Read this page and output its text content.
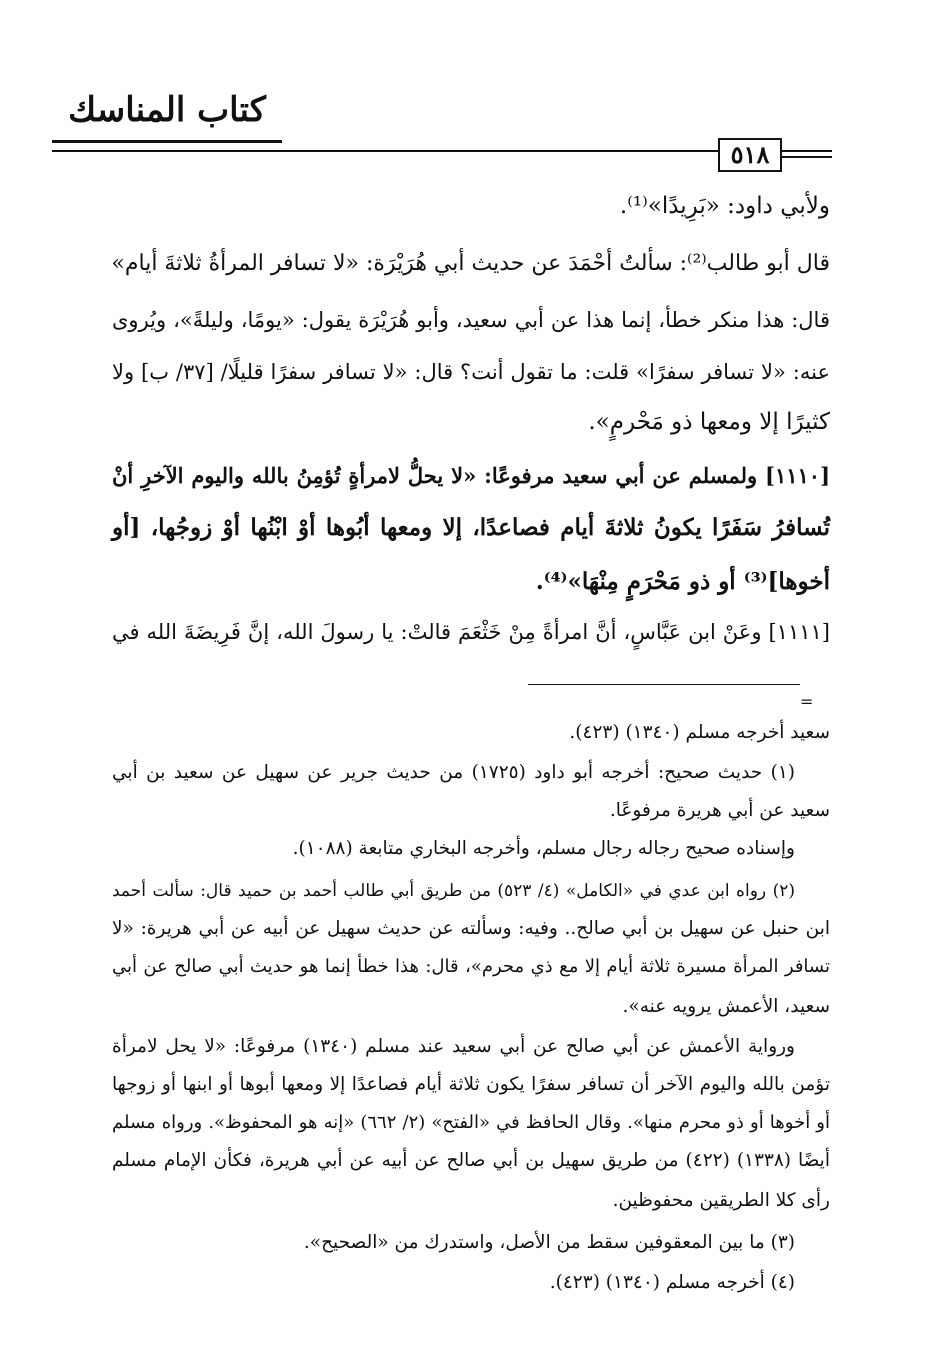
كتاب المناسك
٥١٨
ولأبي داود: «بَرِيدًا»⁽¹⁾.
قال أبو طالب⁽²⁾: سألتُ أحْمَدَ عن حديث أبي هُرَيْرَة: «لا تسافر المرأةُ ثلاثةَ أيام»
قال: هذا منكر خطأ، إنما هذا عن أبي سعيد، وأبو هُرَيْرَة يقول: «يومًا، وليلةً»، ويُروى
عنه: «لا تسافر سفرًا» قلت: ما تقول أنت؟ قال: «لا تسافر سفرًا قليلًا/ [٣٧/ ب] ولا
كثيرًا إلا ومعها ذو مَحْرمٍ».
[١١١٠] ولمسلم عن أبي سعيد مرفوعًا: «لا يحلُّ لامرأةٍ تُؤمِنُ بالله واليوم الآخرِ أنْ
تُسافرُ سَفَرًا يكونُ ثلاثةَ أيام فصاعدًا، إلا ومعها أبُوها أوْ ابْنُها أوْ زوجُها، [أو
أخوها]⁽³⁾ أو ذو مَحْرَمٍ مِنْهَا»⁽⁴⁾.
[١١١١] وعَنْ ابن عَبَّاسٍ، أنَّ امرأةً مِنْ خَثْعَمَ قالتْ: يا رسولَ الله، إنَّ فَرِيضَةَ الله في
=
سعيد أخرجه مسلم (١٣٤٠) (٤٢٣).
(١) حديث صحيح: أخرجه أبو داود (١٧٢٥) من حديث جرير عن سهيل عن سعيد بن أبي
سعيد عن أبي هريرة مرفوعًا.
وإسناده صحيح رجاله رجال مسلم، وأخرجه البخاري متابعة (١٠٨٨).
(٢) رواه ابن عدي في «الكامل» (٤/ ٥٢٣) من طريق أبي طالب أحمد بن حميد قال: سألت أحمد
ابن حنبل عن سهيل بن أبي صالح.. وفيه: وسألته عن حديث سهيل عن أبيه عن أبي هريرة: «لا
تسافر المرأة مسيرة ثلاثة أيام إلا مع ذي محرم»، قال: هذا خطأ إنما هو حديث أبي صالح عن أبي
سعيد، الأعمش يرويه عنه».
ورواية الأعمش عن أبي صالح عن أبي سعيد عند مسلم (١٣٤٠) مرفوعًا: «لا يحل لامرأة
تؤمن بالله واليوم الآخر أن تسافر سفرًا يكون ثلاثة أيام فصاعدًا إلا ومعها أبوها أو ابنها أو زوجها
أو أخوها أو ذو محرم منها». وقال الحافظ في «الفتح» (٢/ ٦٦٢) «إنه هو المحفوظ». ورواه مسلم
أيضًا (١٣٣٨) (٤٢٢) من طريق سهيل بن أبي صالح عن أبيه عن أبي هريرة، فكأن الإمام مسلم
رأى كلا الطريقين محفوظين.
(٣) ما بين المعقوفين سقط من الأصل، واستدرك من «الصحيح».
(٤) أخرجه مسلم (١٣٤٠) (٤٢٣).
